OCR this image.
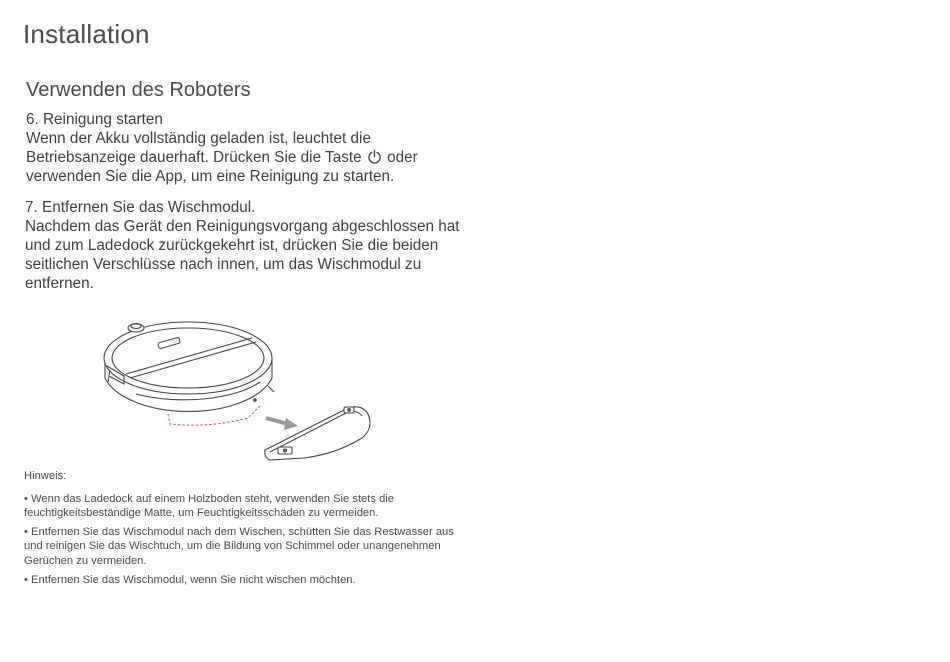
Installation
Verwenden des Roboters

6. Reinigung starten

Wenn der Akku vollständig geladen ist, leuchtet die Betriebsanzeige dauerhaft. Drücken Sie die Taste oder verwenden Sie die App, um eine Reinigung zu starten.

7. Entfernen Sie das Wischmodul.

Nachdem das Gerät den Reinigungsvorgang abgeschlossen hat und zum Ladedock zurückgekehrt ist, drücken Sie die beiden seitlichen Verschlüsse nach innen, um das Wischmodul zu entfernen.

Hinweis:

• Wenn das Ladedock auf einem Holzboden steht, verwenden Sie stets die feuchtigkeitsbeständige Matte, um Feuchtigkeitsschäden zu vermeiden.

• Entfernen Sie das Wischmodul nach dem Wischen, schütten Sie das Restwasser aus und reinigen Sie das Wischtuch, um die Bildung von Schimmel oder unangenehmen Gerüchen zu vermeiden.

• Entfernen Sie das Wischmodul, wenn Sie nicht wischen möchten.
